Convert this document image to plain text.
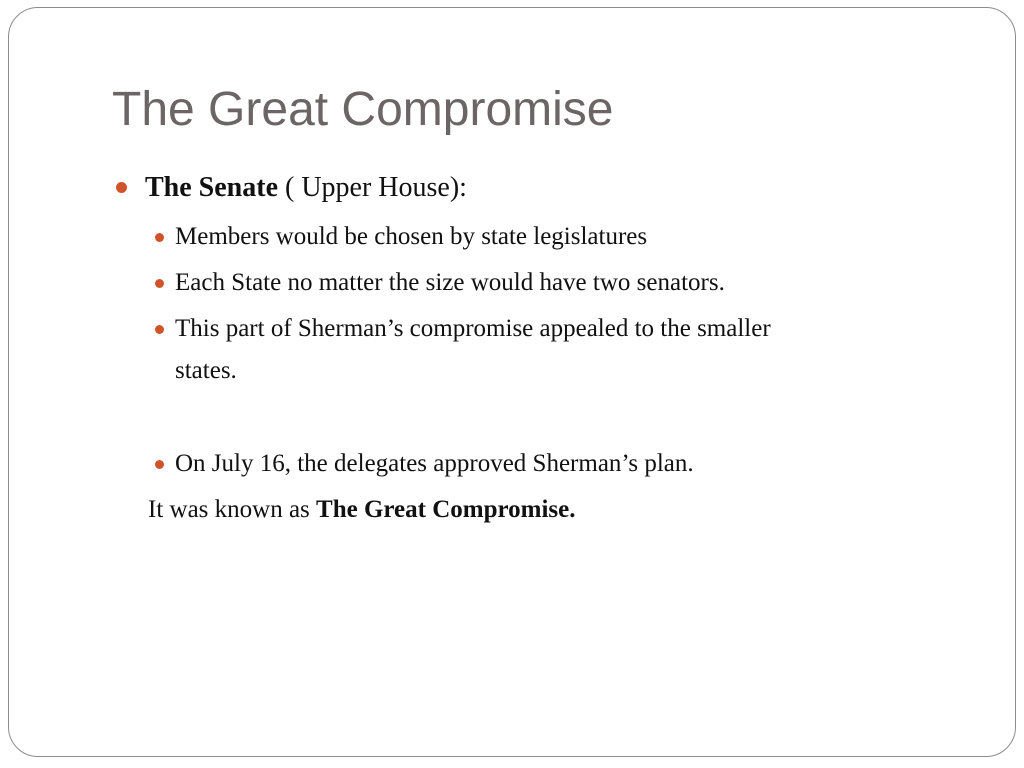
The Great Compromise
The Senate ( Upper House):
Members would be chosen by state legislatures
Each State no matter the size would have two senators.
This part of Sherman’s compromise appealed to the smaller
states.
On July 16, the delegates approved Sherman’s plan.
It was known as The Great Compromise.
